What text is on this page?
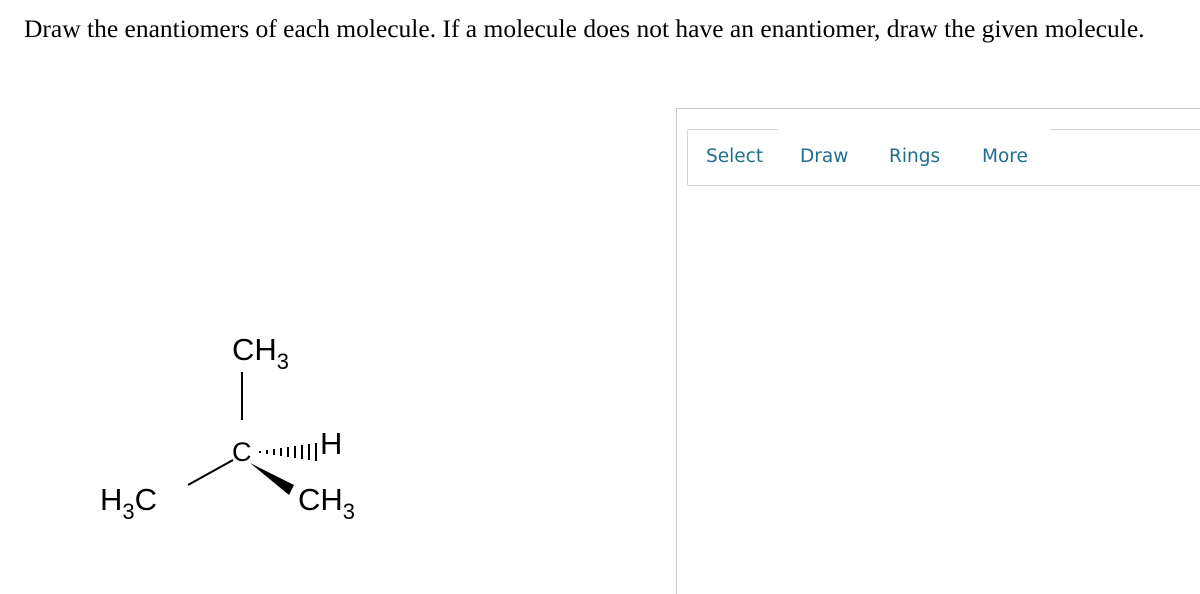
Draw the enantiomers of each molecule. If a molecule does not have an enantiomer, draw the given molecule.
$CH_3$
C H
$H_3C$	$CH_3$
Select Draw Rings More
